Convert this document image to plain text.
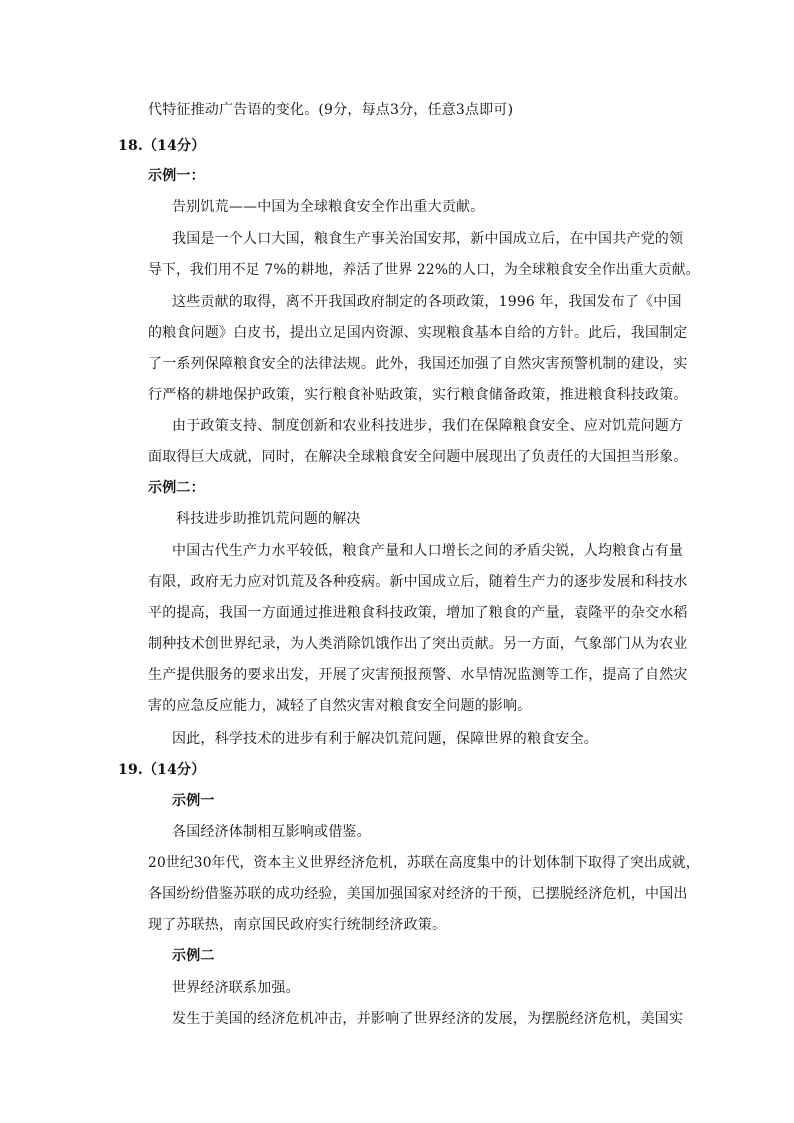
代特征推动广告语的变化。(9分，每点3分，任意3点即可)

18.（14分）

示例一：

告别饥荒——中国为全球粮食安全作出重大贡献。

我国是一个人口大国，粮食生产事关治国安邦，新中国成立后，在中国共产党的领

导下，我们用不足 7%的耕地，养活了世界 22%的人口，为全球粮食安全作出重大贡献。

这些贡献的取得，离不开我国政府制定的各项政策，1996 年，我国发布了《中国

的粮食问题》白皮书，提出立足国内资源、实现粮食基本自给的方针。此后，我国制定

了一系列保障粮食安全的法律法规。此外，我国还加强了自然灾害预警机制的建设，实

行严格的耕地保护政策，实行粮食补贴政策，实行粮食储备政策，推进粮食科技政策。

由于政策支持、制度创新和农业科技进步，我们在保障粮食安全、应对饥荒问题方

面取得巨大成就，同时，在解决全球粮食安全问题中展现出了负责任的大国担当形象。

示例二：

科技进步助推饥荒问题的解决

中国古代生产力水平较低，粮食产量和人口增长之间的矛盾尖锐，人均粮食占有量

有限，政府无力应对饥荒及各种疫病。新中国成立后，随着生产力的逐步发展和科技水

平的提高，我国一方面通过推进粮食科技政策，增加了粮食的产量，袁隆平的杂交水稻

制种技术创世界纪录，为人类消除饥饿作出了突出贡献。另一方面，气象部门从为农业

生产提供服务的要求出发，开展了灾害预报预警、水旱情况监测等工作，提高了自然灾

害的应急反应能力，减轻了自然灾害对粮食安全问题的影响。

因此，科学技术的进步有利于解决饥荒问题，保障世界的粮食安全。

19.（14分）

示例一

各国经济体制相互影响或借鉴。

20世纪30年代，资本主义世界经济危机，苏联在高度集中的计划体制下取得了突出成就，

各国纷纷借鉴苏联的成功经验，美国加强国家对经济的干预，已摆脱经济危机，中国出

现了苏联热，南京国民政府实行统制经济政策。

示例二

世界经济联系加强。

发生于美国的经济危机冲击，并影响了世界经济的发展，为摆脱经济危机，美国实
